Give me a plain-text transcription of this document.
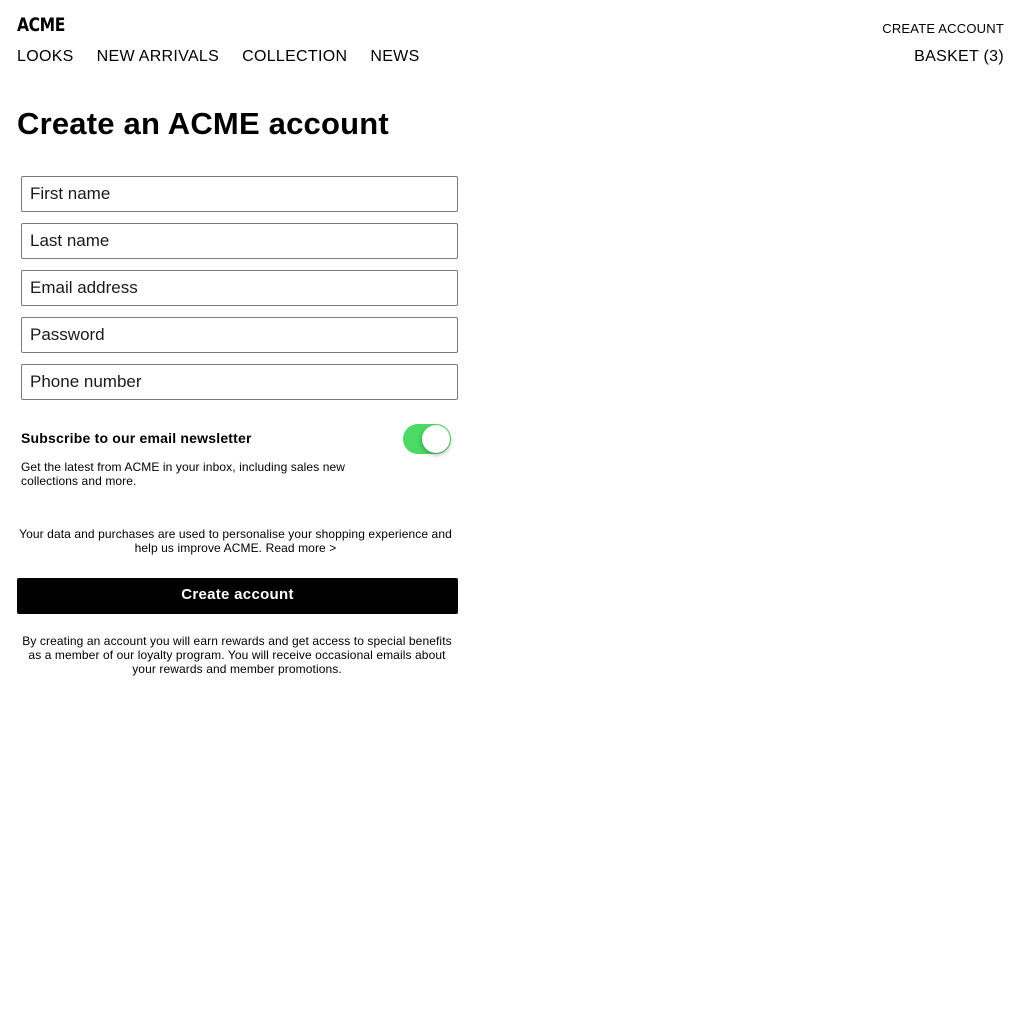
ACME	CREATE ACCOUNT
LOOKS NEW ARRIVALS COLLECTION NEWS	BASKET (3)
Create an ACME account
First name
Last name
Email address
Phone number
Subscribe to our email newsletter
Get the latest from ACME in your inbox, including sales new collections and more.
Your data and purchases are used to personalise your shopping experience and help us improve ACME. Read more >
Create account
By creating an account you will earn rewards and get access to special benefits as a member of our loyalty program. You will receive occasional emails about your rewards and member promotions.
